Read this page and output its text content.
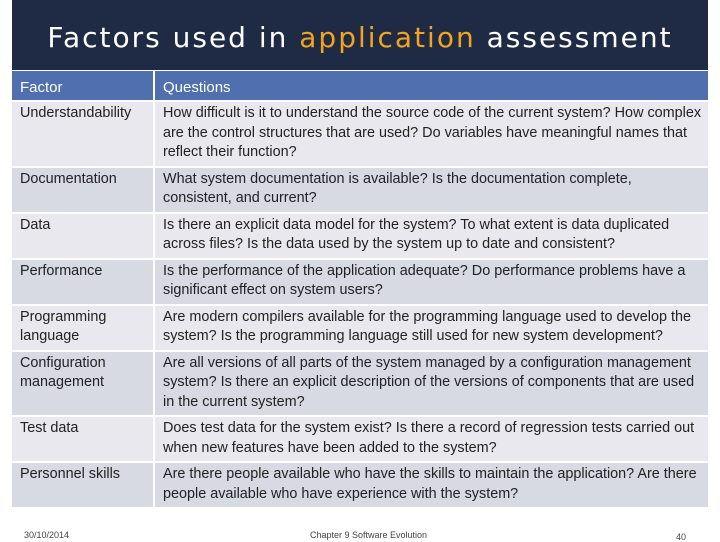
Factors used in application assessment
Factor	Questions
Understandability	How difficult is it to understand the source code of the current system? How complex are the control structures that are used? Do variables have meaningful names that reflect their function?
Documentation	What system documentation is available? Is the documentation complete, consistent, and current?
Data	Is there an explicit data model for the system? To what extent is data duplicated across files? Is the data used by the system up to date and consistent?
Performance	Is the performance of the application adequate? Do performance problems have a significant effect on system users?
Programming language	Are modern compilers available for the programming language used to develop the system? Is the programming language still used for new system development?
Configuration management	Are all versions of all parts of the system managed by a configuration management system? Is there an explicit description of the versions of components that are used in the current system?
Test data	Does test data for the system exist? Is there a record of regression tests carried out when new features have been added to the system?
Personnel skills	Are there people available who have the skills to maintain the application? Are there people available who have experience with the system?
30/10/2014	Chapter 9 Software Evolution	40
